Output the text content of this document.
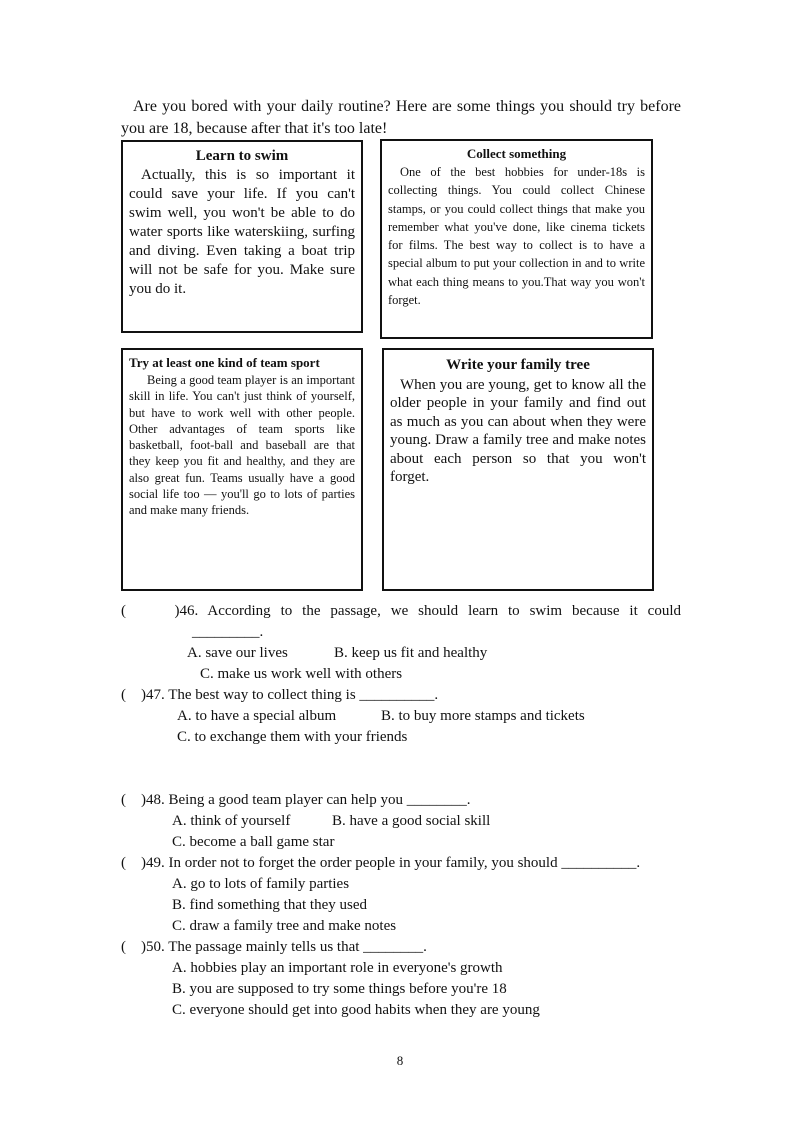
Are you bored with your daily routine? Here are some things you should try before you are 18, because after that it's too late!
Learn to swim
Actually, this is so important it could save your life. If you can't swim well, you won't be able to do water sports like waterskiing, surfing and diving. Even taking a boat trip will not be safe for you. Make sure you do it.
Collect something
One of the best hobbies for under-18s is collecting things. You could collect Chinese stamps, or you could collect things that make you remember what you've done, like cinema tickets for films. The best way to collect is to have a special album to put your collection in and to write what each thing means to you.That way you won't forget.
Try at least one kind of team sport
Being a good team player is an important skill in life. You can't just think of yourself, but have to work well with other people. Other advantages of team sports like basketball, foot-ball and baseball are that they keep you fit and healthy, and they are also great fun. Teams usually have a good social life too — you'll go to lots of parties and make many friends.
Write your family tree
When you are young, get to know all the older people in your family and find out as much as you can about when they were young. Draw a family tree and make notes about each person so that you won't forget.
(　　)46. According to the passage, we should learn to swim because it could
_________.
A. save our lives	B. keep us fit and healthy
C. make us work well with others
(　)47. The best way to collect thing is __________.
A. to have a special album	B. to buy more stamps and tickets
C. to exchange them with your friends
(　)48. Being a good team player can help you ________.
A. think of yourself	B. have a good social skill
C. become a ball game star
(　)49. In order not to forget the order people in your family, you should __________.
A. go to lots of family parties
B. find something that they used
C. draw a family tree and make notes
(　)50. The passage mainly tells us that ________.
A. hobbies play an important role in everyone's growth
B. you are supposed to try some things before you're 18
C. everyone should get into good habits when they are young
8
